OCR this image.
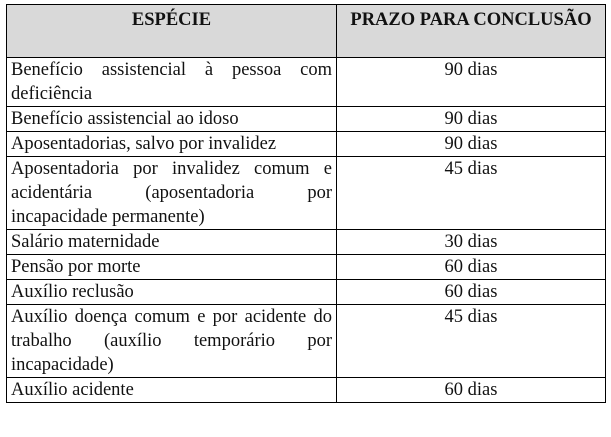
ESPÉCIE	PRAZO PARA CONCLUSÃO
Benefício assistencial à pessoa com deficiência	90 dias
Benefício assistencial ao idoso	90 dias
Aposentadorias, salvo por invalidez	90 dias
Aposentadoria por invalidez comum e acidentária (aposentadoria por incapacidade permanente)	45 dias
Salário maternidade	30 dias
Pensão por morte	60 dias
Auxílio reclusão	60 dias
Auxílio doença comum e por acidente do trabalho (auxílio temporário por incapacidade)	45 dias
Auxílio acidente	60 dias
